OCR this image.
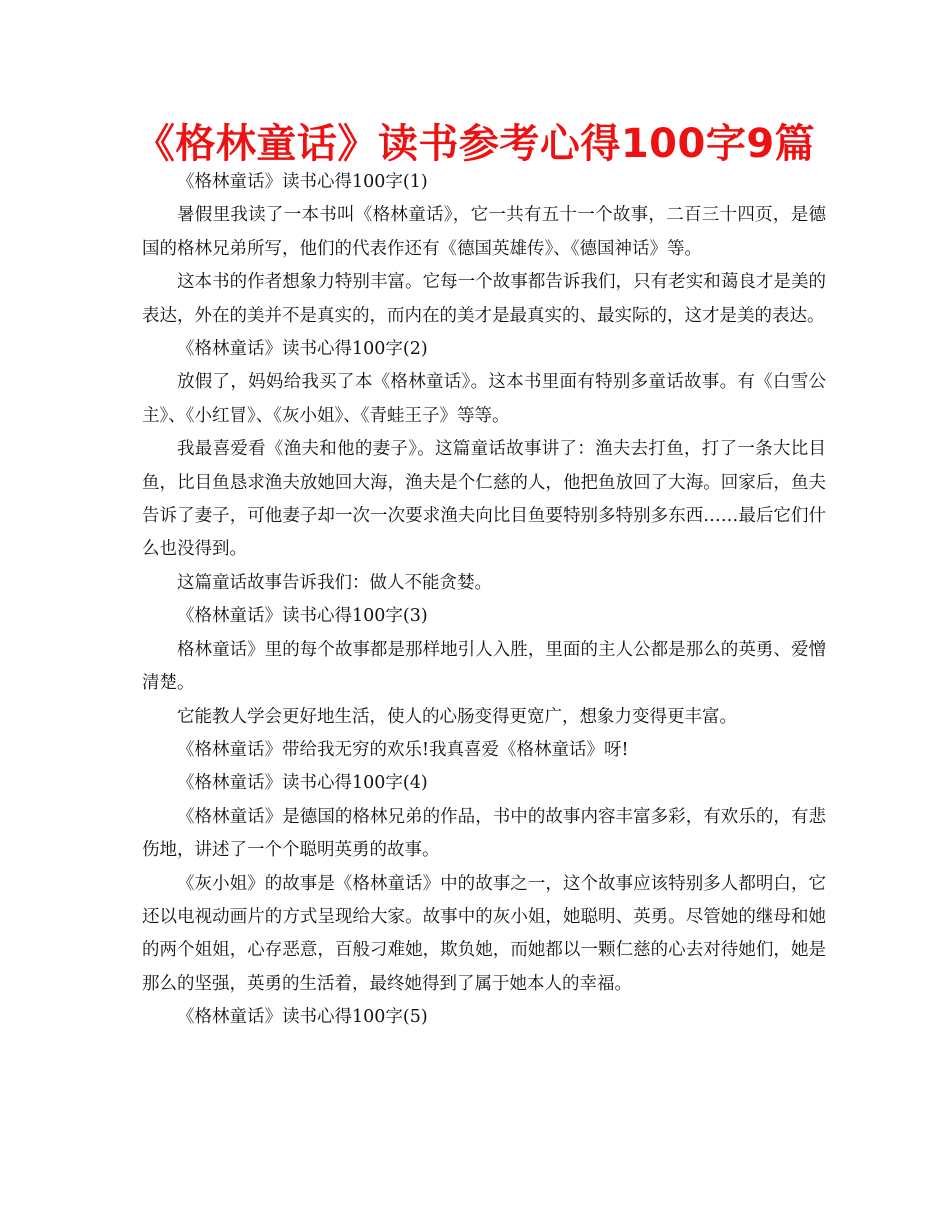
《格林童话》读书参考心得100字9篇

《格林童话》读书心得100字(1)

暑假里我读了一本书叫《格林童话》，它一共有五十一个故事，二百三十四页，是德国的格林兄弟所写，他们的代表作还有《德国英雄传》、《德国神话》等。

这本书的作者想象力特别丰富。它每一个故事都告诉我们，只有老实和蔼良才是美的表达，外在的美并不是真实的，而内在的美才是最真实的、最实际的，这才是美的表达。

《格林童话》读书心得100字(2)

放假了，妈妈给我买了本《格林童话》。这本书里面有特别多童话故事。有《白雪公主》、《小红冒》、《灰小姐》、《青蛙王子》等等。

我最喜爱看《渔夫和他的妻子》。这篇童话故事讲了：渔夫去打鱼，打了一条大比目鱼，比目鱼恳求渔夫放她回大海，渔夫是个仁慈的人，他把鱼放回了大海。回家后，鱼夫告诉了妻子，可他妻子却一次一次要求渔夫向比目鱼要特别多特别多东西……最后它们什么也没得到。

这篇童话故事告诉我们：做人不能贪婪。

《格林童话》读书心得100字(3)

格林童话》里的每个故事都是那样地引人入胜，里面的主人公都是那么的英勇、爱憎清楚。

它能教人学会更好地生活，使人的心肠变得更宽广，想象力变得更丰富。

《格林童话》带给我无穷的欢乐!我真喜爱《格林童话》呀!

《格林童话》读书心得100字(4)

《格林童话》是德国的格林兄弟的作品，书中的故事内容丰富多彩，有欢乐的，有悲伤地，讲述了一个个聪明英勇的故事。

《灰小姐》的故事是《格林童话》中的故事之一，这个故事应该特别多人都明白，它还以电视动画片的方式呈现给大家。故事中的灰小姐，她聪明、英勇。尽管她的继母和她的两个姐姐，心存恶意，百般刁难她，欺负她，而她都以一颗仁慈的心去对待她们，她是那么的坚强，英勇的生活着，最终她得到了属于她本人的幸福。

《格林童话》读书心得100字(5)
